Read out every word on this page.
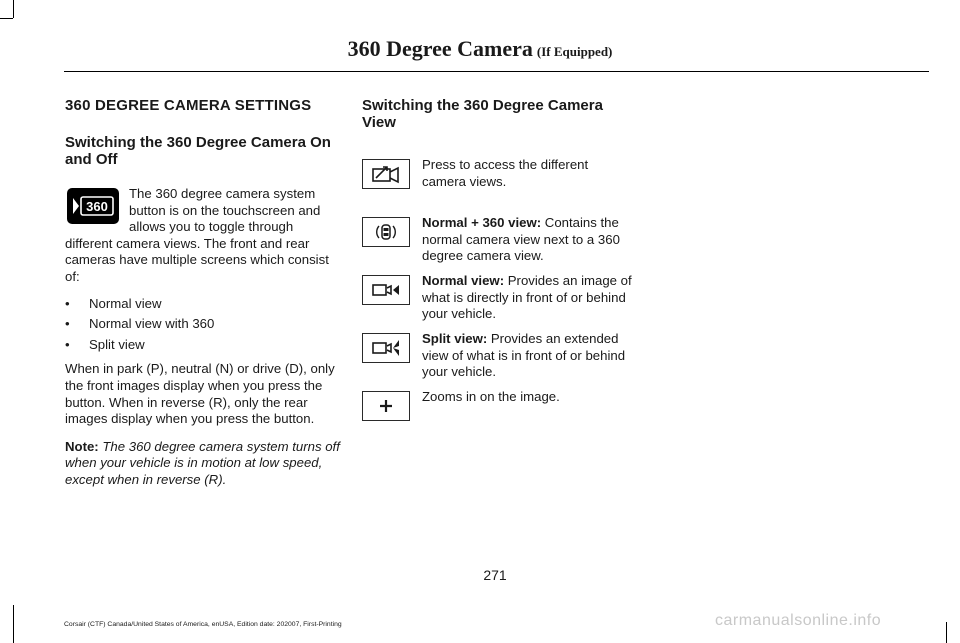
360 Degree Camera (If Equipped)
360 DEGREE CAMERA SETTINGS
Switching the 360 Degree Camera On and Off
360

The 360 degree camera system button is on the touchscreen and allows you to toggle through different camera views. The front and rear cameras have multiple screens which consist of:

• Normal view
• Normal view with 360
• Split view

When in park (P), neutral (N) or drive (D), only the front images display when you press the button. When in reverse (R), only the rear images display when you press the button.

Note: The 360 degree camera system turns off when your vehicle is in motion at low speed, except when in reverse (R).

Switching the 360 Degree Camera View
Press to access the different camera views.
Normal + 360 view: Contains the normal camera view next to a 360 degree camera view.
Normal view: Provides an image of what is directly in front of or behind your vehicle.
Split view: Provides an extended view of what is in front of or behind your vehicle.
Zooms in on the image.
271
Corsair (CTF) Canada/United States of America, enUSA, Edition date: 202007, First-Printing	carmanualsonline.info
